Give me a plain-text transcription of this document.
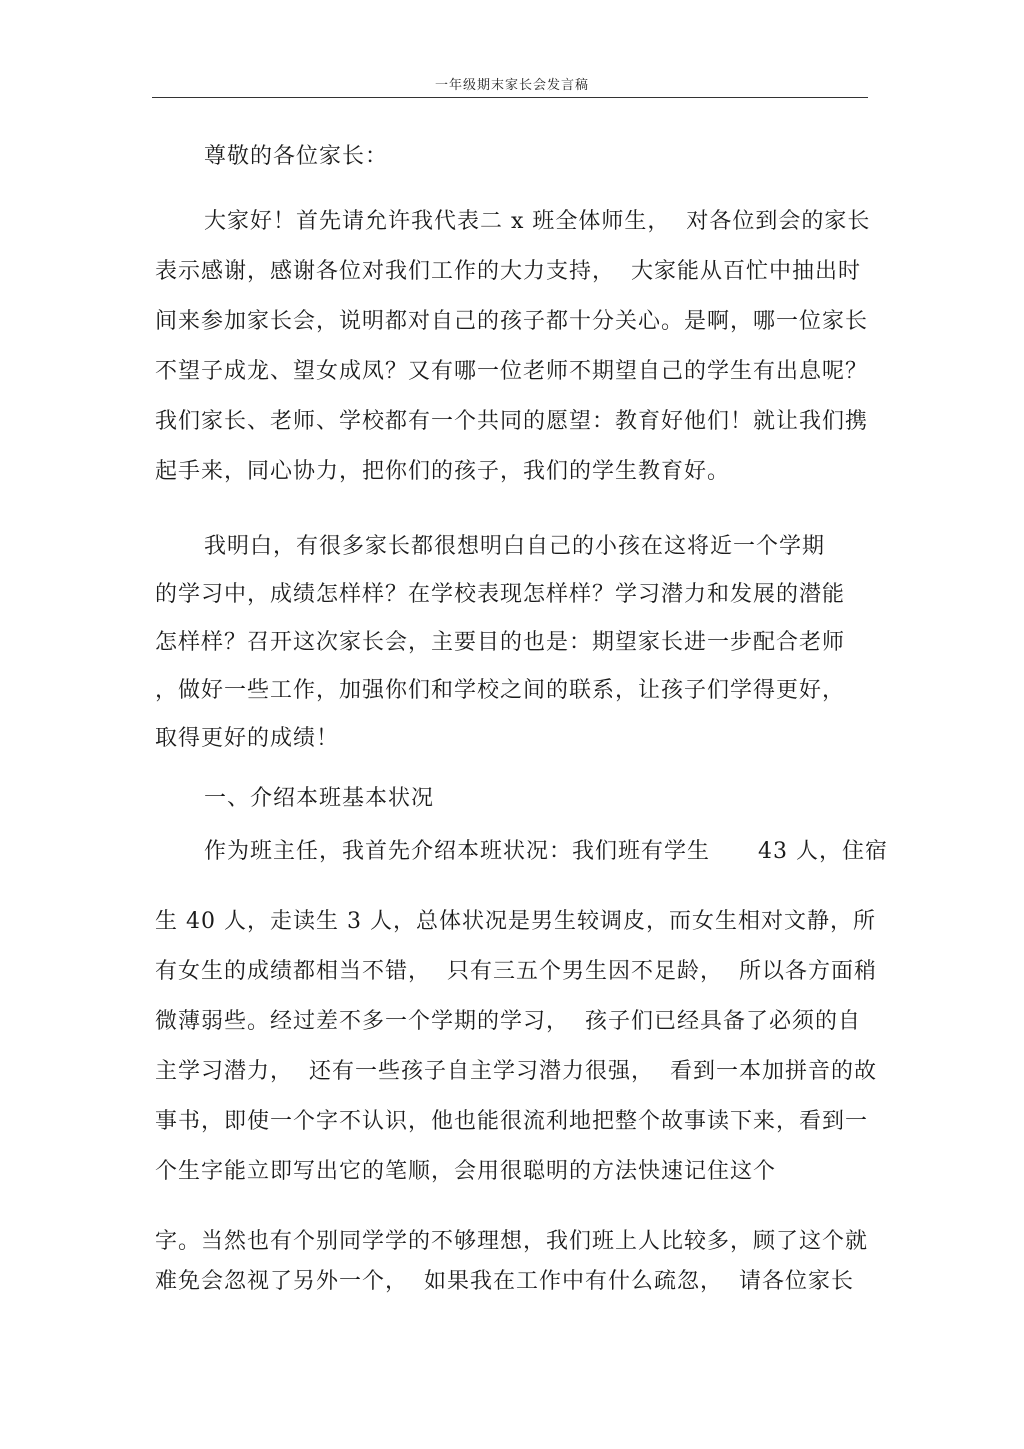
一年级期末家长会发言稿
尊敬的各位家长：
大家好！首先请允许我代表二 x 班全体师生，  对各位到会的家长
表示感谢，感谢各位对我们工作的大力支持，  大家能从百忙中抽出时
间来参加家长会，说明都对自己的孩子都十分关心。是啊，哪一位家长
不望子成龙、望女成凤？又有哪一位老师不期望自己的学生有出息呢？
我们家长、老师、学校都有一个共同的愿望：教育好他们！就让我们携
起手来，同心协力，把你们的孩子，我们的学生教育好。
我明白，有很多家长都很想明白自己的小孩在这将近一个学期
的学习中，成绩怎样样？在学校表现怎样样？学习潜力和发展的潜能
怎样样？召开这次家长会，主要目的也是：期望家长进一步配合老师
，做好一些工作，加强你们和学校之间的联系，让孩子们学得更好，
取得更好的成绩！
一、介绍本班基本状况
作为班主任，我首先介绍本班状况：我们班有学生      43 人，住宿
生 40 人，走读生 3 人，总体状况是男生较调皮，而女生相对文静，所
有女生的成绩都相当不错，  只有三五个男生因不足龄，  所以各方面稍
微薄弱些。经过差不多一个学期的学习，  孩子们已经具备了必须的自
主学习潜力，  还有一些孩子自主学习潜力很强，  看到一本加拼音的故
事书，即使一个字不认识，他也能很流利地把整个故事读下来，看到一
个生字能立即写出它的笔顺，会用很聪明的方法快速记住这个
字。当然也有个别同学学的不够理想，我们班上人比较多，顾了这个就
难免会忽视了另外一个，  如果我在工作中有什么疏忽，  请各位家长
